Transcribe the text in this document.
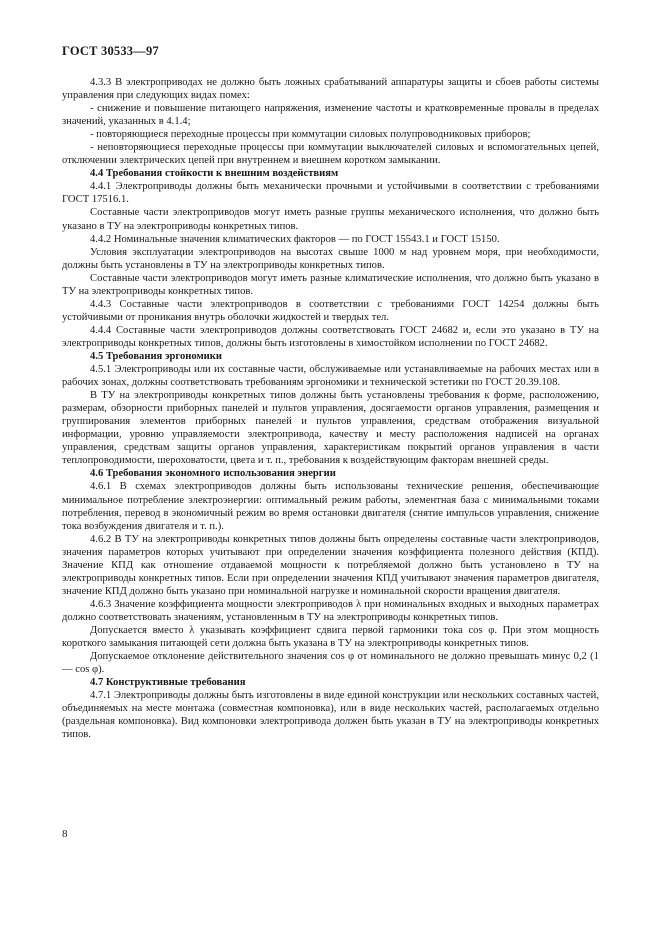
ГОСТ 30533—97

4.3.3 В электроприводах не должно быть ложных срабатываний аппаратуры защиты и сбоев работы системы управления при следующих видах помех:

- снижение и повышение питающего напряжения, изменение частоты и кратковременные провалы в пределах значений, указанных в 4.1.4;

- повторяющиеся переходные процессы при коммутации силовых полупроводниковых приборов;

- неповторяющиеся переходные процессы при коммутации выключателей силовых и вспомогательных цепей, отключении электрических цепей при внутреннем и внешнем коротком замыкании.

4.4 Требования стойкости к внешним воздействиям

4.4.1 Электроприводы должны быть механически прочными и устойчивыми в соответствии с требованиями ГОСТ 17516.1.

Составные части электроприводов могут иметь разные группы механического исполнения, что должно быть указано в ТУ на электроприводы конкретных типов.

4.4.2 Номинальные значения климатических факторов — по ГОСТ 15543.1 и ГОСТ 15150.

Условия эксплуатации электроприводов на высотах свыше 1000 м над уровнем моря, при необходимости, должны быть установлены в ТУ на электроприводы конкретных типов.

Составные части электроприводов могут иметь разные климатические исполнения, что должно быть указано в ТУ на электроприводы конкретных типов.

4.4.3 Составные части электроприводов в соответствии с требованиями ГОСТ 14254 должны быть устойчивыми от проникания внутрь оболочки жидкостей и твердых тел.

4.4.4 Составные части электроприводов должны соответствовать ГОСТ 24682 и, если это указано в ТУ на электроприводы конкретных типов, должны быть изготовлены в химостойком исполнении по ГОСТ 24682.

4.5 Требования эргономики

4.5.1 Электроприводы или их составные части, обслуживаемые или устанавливаемые на рабочих местах или в рабочих зонах, должны соответствовать требованиям эргономики и технической эстетики по ГОСТ 20.39.108.

В ТУ на электроприводы конкретных типов должны быть установлены требования к форме, расположению, размерам, обзорности приборных панелей и пультов управления, досягаемости органов управления, размещения и группирования элементов приборных панелей и пультов управления, средствам отображения визуальной информации, уровню управляемости электропривода, качеству и месту расположения надписей на органах управления, средствам защиты органов управления, характеристикам покрытий органов управления в части теплопроводимости, шероховатости, цвета и т. п., требования к воздействующим факторам внешней среды.

4.6 Требования экономного использования энергии

4.6.1 В схемах электроприводов должны быть использованы технические решения, обеспечивающие минимальное потребление электроэнергии: оптимальный режим работы, элементная база с минимальными токами потребления, перевод в экономичный режим во время остановки двигателя (снятие импульсов управления, снижение тока возбуждения двигателя и т. п.).

4.6.2 В ТУ на электроприводы конкретных типов должны быть определены составные части электроприводов, значения параметров которых учитывают при определении значения коэффициента полезного действия (КПД). Значение КПД как отношение отдаваемой мощности к потребляемой должно быть установлено в ТУ на электроприводы конкретных типов. Если при определении значения КПД учитывают значения параметров двигателя, значение КПД должно быть указано при номинальной нагрузке и номинальной скорости вращения двигателя.

4.6.3 Значение коэффициента мощности электроприводов λ при номинальных входных и выходных параметрах должно соответствовать значениям, установленным в ТУ на электроприводы конкретных типов.

Допускается вместо λ указывать коэффициент сдвига первой гармоники тока cos φ. При этом мощность короткого замыкания питающей сети должна быть указана в ТУ на электроприводы конкретных типов.

Допускаемое отклонение действительного значения cos φ от номинального не должно превышать минус 0,2 (1 — cos φ).

4.7 Конструктивные требования

4.7.1 Электроприводы должны быть изготовлены в виде единой конструкции или нескольких составных частей, объединяемых на месте монтажа (совместная компоновка), или в виде нескольких частей, располагаемых отдельно (раздельная компоновка). Вид компоновки электропривода должен быть указан в ТУ на электроприводы конкретных типов.

8
